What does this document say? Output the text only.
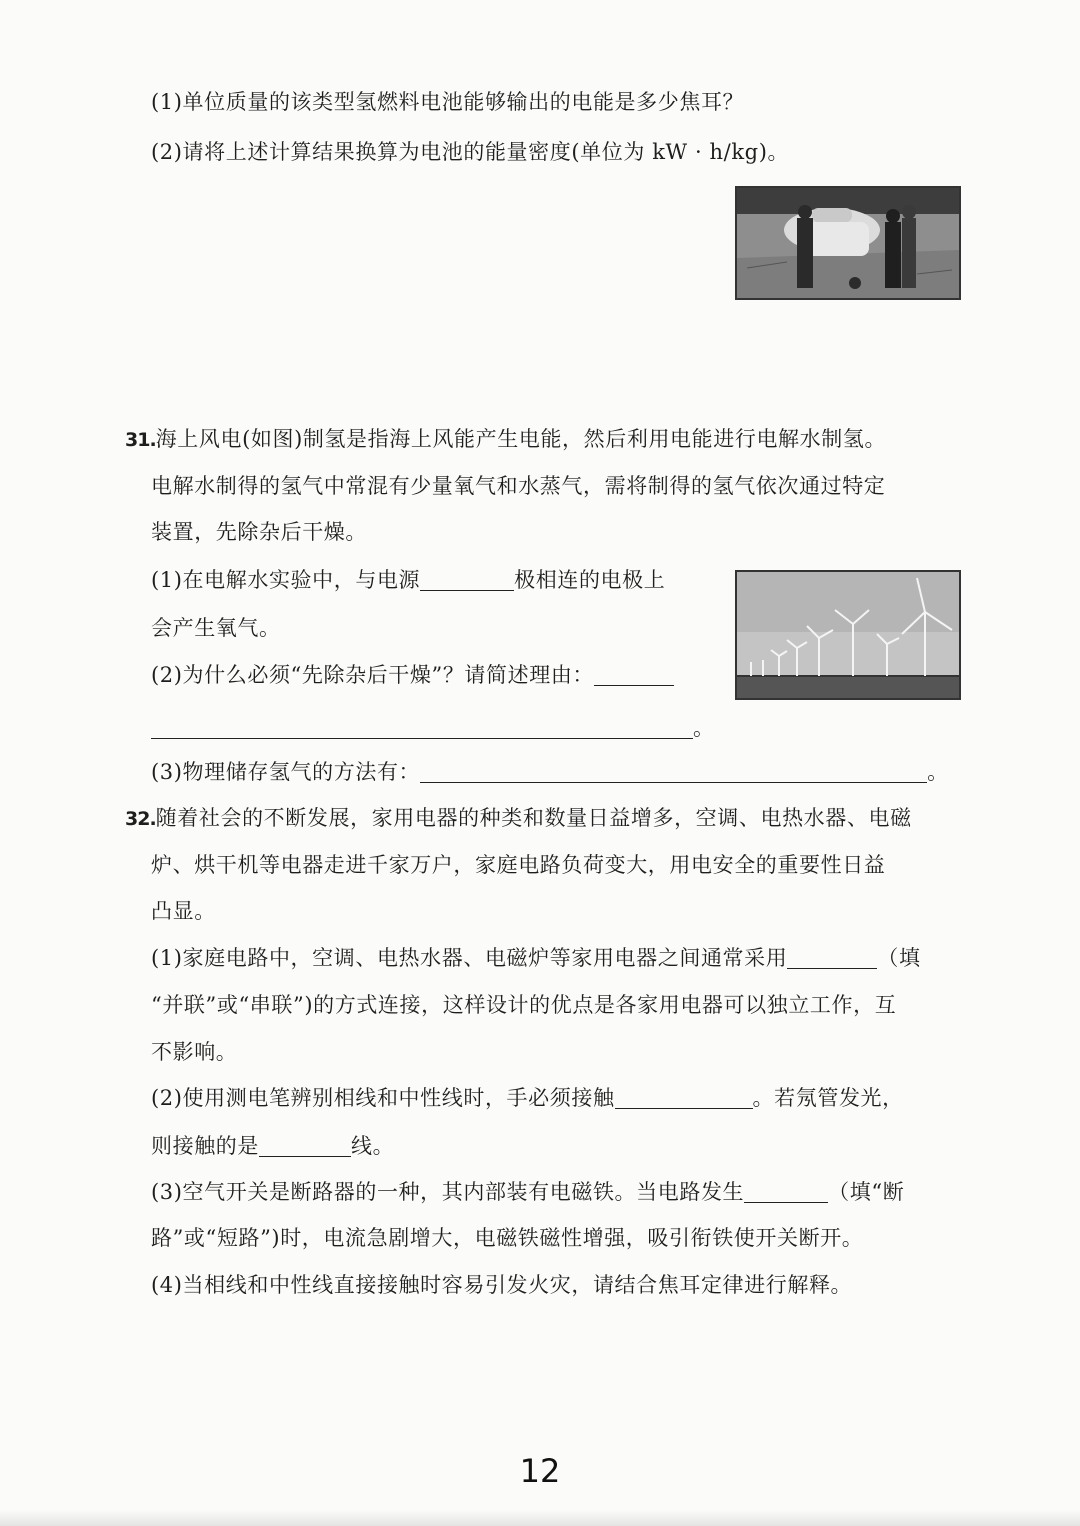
(1)单位质量的该类型氢燃料电池能够输出的电能是多少焦耳？
(2)请将上述计算结果换算为电池的能量密度(单位为 kW · h/kg)。
31.海上风电(如图)制氢是指海上风能产生电能，然后利用电能进行电解水制氢。
电解水制得的氢气中常混有少量氧气和水蒸气，需将制得的氢气依次通过特定
装置，先除杂后干燥。
(1)在电解水实验中，与电源	极相连的电极上
会产生氧气。
(2)为什么必须“先除杂后干燥”？请简述理由：
。
(3)物理储存氢气的方法有：	。
32.随着社会的不断发展，家用电器的种类和数量日益增多，空调、电热水器、电磁
炉、烘干机等电器走进千家万户，家庭电路负荷变大，用电安全的重要性日益
凸显。
(1)家庭电路中，空调、电热水器、电磁炉等家用电器之间通常采用	（填
“并联”或“串联”)的方式连接，这样设计的优点是各家用电器可以独立工作，互
不影响。
(2)使用测电笔辨别相线和中性线时，手必须接触	。若氖管发光，
则接触的是	线。
(3)空气开关是断路器的一种，其内部装有电磁铁。当电路发生	（填“断
路”或“短路”)时，电流急剧增大，电磁铁磁性增强，吸引衔铁使开关断开。
(4)当相线和中性线直接接触时容易引发火灾，请结合焦耳定律进行解释。
12
